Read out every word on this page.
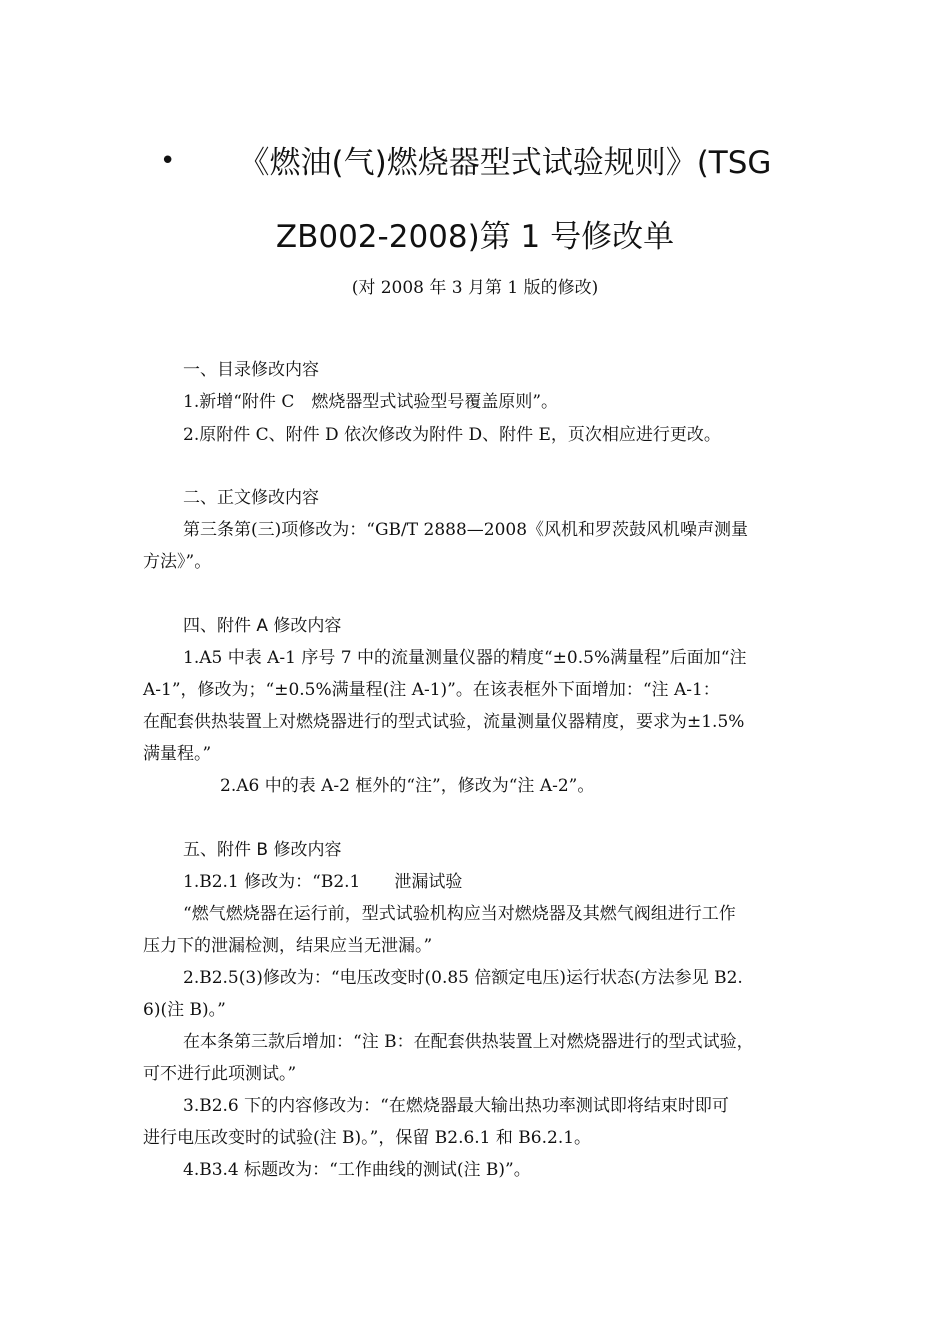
•	《燃油(气)燃烧器型式试验规则》(TSG
ZB002-2008)第 1 号修改单
(对 2008 年 3 月第 1 版的修改)
一、目录修改内容
1.新增“附件 C　燃烧器型式试验型号覆盖原则”。
2.原附件 C、附件 D 依次修改为附件 D、附件 E，页次相应进行更改。
二、正文修改内容
第三条第(三)项修改为：“GB/T 2888—2008《风机和罗茨鼓风机噪声测量
方法》”。
四、附件 A 修改内容
1.A5 中表 A-1 序号 7 中的流量测量仪器的精度“±0.5%满量程”后面加“注
A-1”，修改为；“±0.5%满量程(注 A-1)”。在该表框外下面增加：“注 A-1：
在配套供热装置上对燃烧器进行的型式试验，流量测量仪器精度，要求为±1.5%
满量程。”
2.A6 中的表 A-2 框外的“注”，修改为“注 A-2”。
五、附件 B 修改内容
1.B2.1 修改为：“B2.1　　泄漏试验
“燃气燃烧器在运行前，型式试验机构应当对燃烧器及其燃气阀组进行工作
压力下的泄漏检测，结果应当无泄漏。”
2.B2.5(3)修改为：“电压改变时(0.85 倍额定电压)运行状态(方法参见 B2.
6)(注 B)。”
在本条第三款后增加：“注 B：在配套供热装置上对燃烧器进行的型式试验，
可不进行此项测试。”
3.B2.6 下的内容修改为：“在燃烧器最大输出热功率测试即将结束时即可
进行电压改变时的试验(注 B)。”，保留 B2.6.1 和 B6.2.1。
4.B3.4 标题改为：“工作曲线的测试(注 B)”。
